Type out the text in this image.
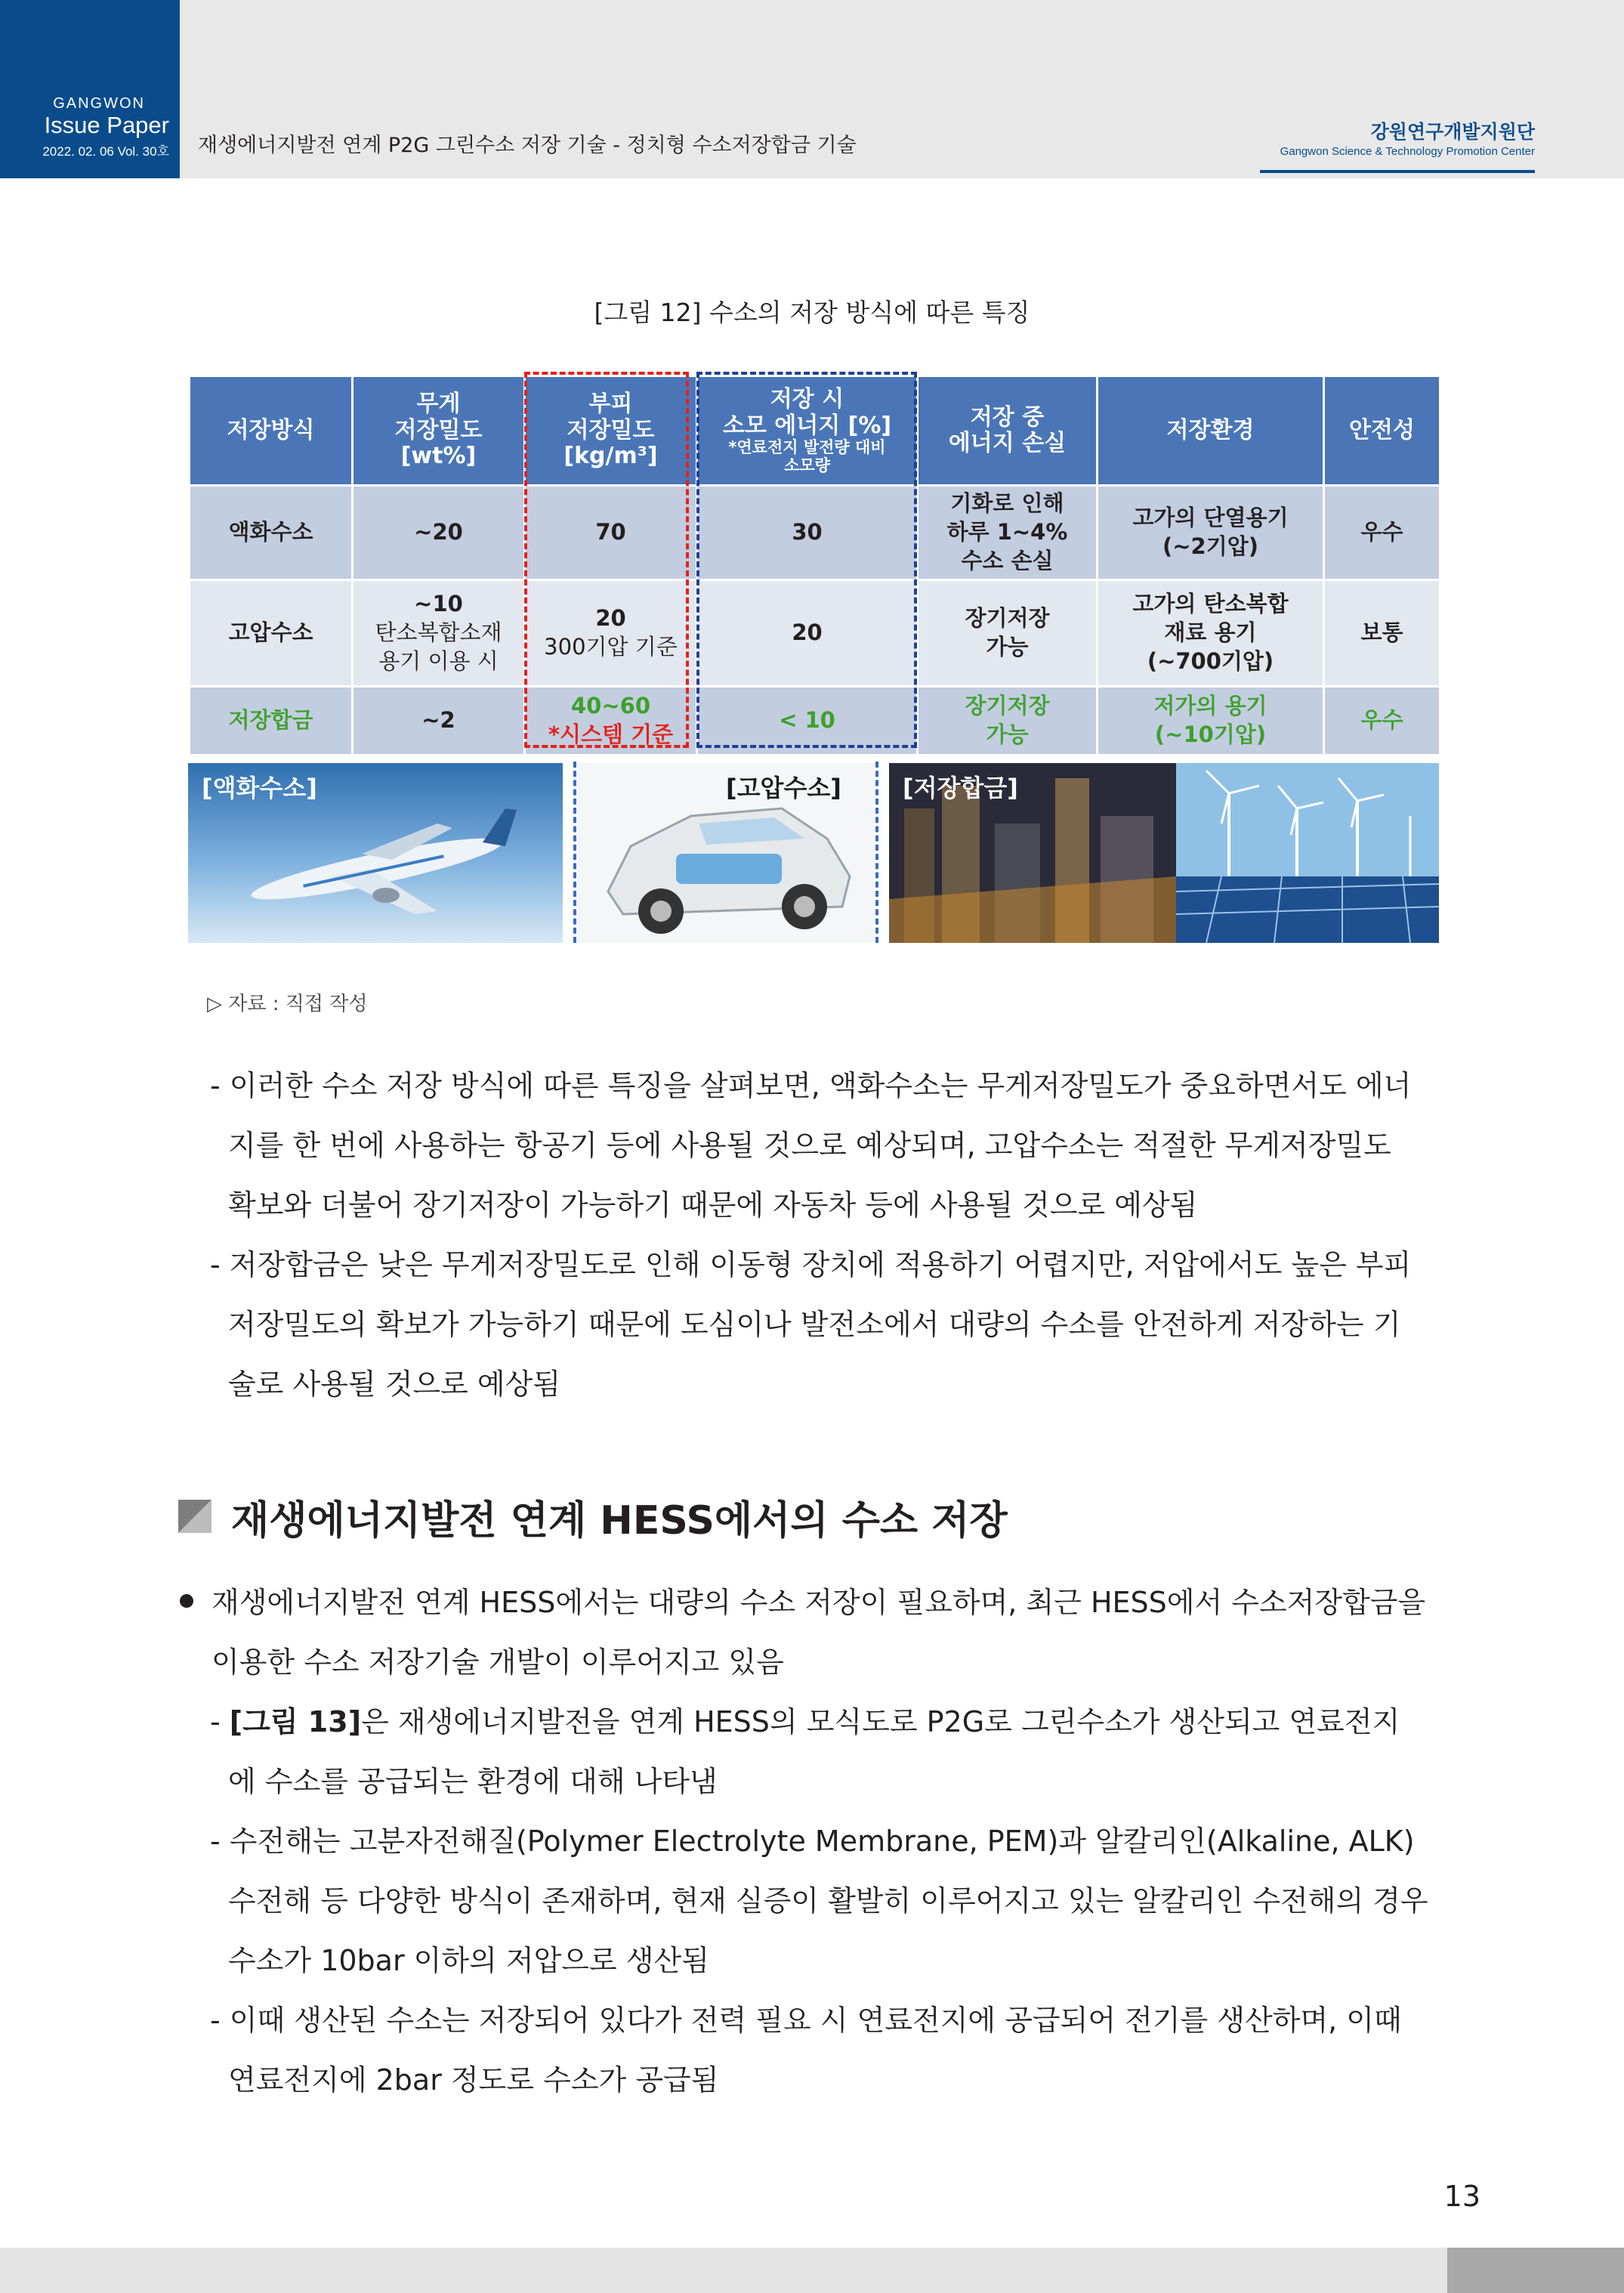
GANGWON
Issue Paper
2022. 02. 06 Vol. 30호 재생에너지발전 연계 P2G 그린수소 저장 기술 - 정치형 수소저장합금 기술
강원연구개발지원단
Gangwon Science & Technology Promotion Center
[그림 12] 수소의 저장 방식에 따른 특징
저장방식	무게
저장밀도
[wt%]	부피
저장밀도
[kg/m³]	저장 시
소모 에너지 [%]
*연료전지 발전량 대비
소모량	저장 중
에너지 손실	저장환경	안전성
액화수소	~20	70	30	기화로 인해
하루 1~4%
수소 손실	고가의 단열용기
(~2기압)	우수
고압수소	~10
탄소복합소재
용기 이용 시	20
300기압 기준	20	장기저장
가능	고가의 탄소복합
재료 용기
(~700기압)	보통
저장합금	~2	40~60
*시스템 기준	< 10	장기저장
가능	저가의 용기
(~10기압)	우수
[액화수소]	[고압수소]	[저장합금]
▷ 자료 : 직접 작성
- 이러한 수소 저장 방식에 따른 특징을 살펴보면, 액화수소는 무게저장밀도가 중요하면서도 에너
지를 한 번에 사용하는 항공기 등에 사용될 것으로 예상되며, 고압수소는 적절한 무게저장밀도
확보와 더불어 장기저장이 가능하기 때문에 자동차 등에 사용될 것으로 예상됨
- 저장합금은 낮은 무게저장밀도로 인해 이동형 장치에 적용하기 어렵지만, 저압에서도 높은 부피
저장밀도의 확보가 가능하기 때문에 도심이나 발전소에서 대량의 수소를 안전하게 저장하는 기
술로 사용될 것으로 예상됨
재생에너지발전 연계 HESS에서의 수소 저장
재생에너지발전 연계 HESS에서는 대량의 수소 저장이 필요하며, 최근 HESS에서 수소저장합금을
이용한 수소 저장기술 개발이 이루어지고 있음
- [그림 13]은 재생에너지발전을 연계 HESS의 모식도로 P2G로 그린수소가 생산되고 연료전지
에 수소를 공급되는 환경에 대해 나타냄
- 수전해는 고분자전해질(Polymer Electrolyte Membrane, PEM)과 알칼리인(Alkaline, ALK)
수전해 등 다양한 방식이 존재하며, 현재 실증이 활발히 이루어지고 있는 알칼리인 수전해의 경우
수소가 10bar 이하의 저압으로 생산됨
- 이때 생산된 수소는 저장되어 있다가 전력 필요 시 연료전지에 공급되어 전기를 생산하며, 이때
연료전지에 2bar 정도로 수소가 공급됨
13
